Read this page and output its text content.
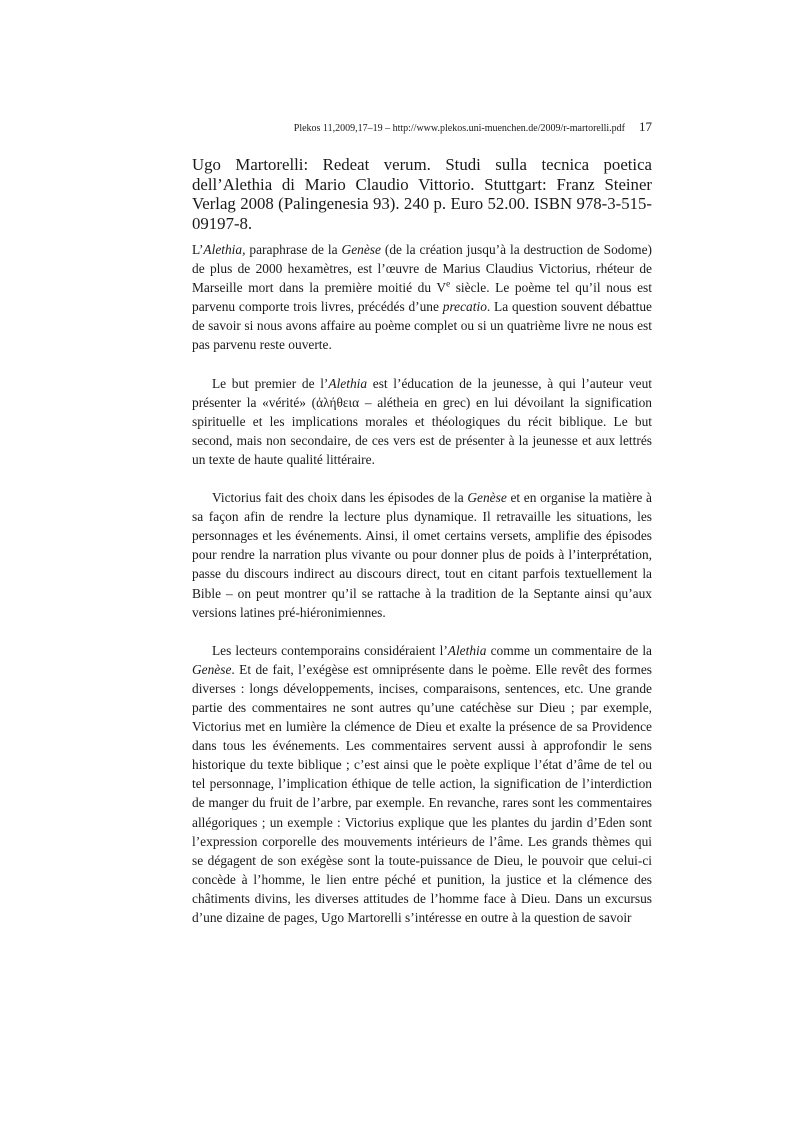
Plekos 11,2009,17–19 – http://www.plekos.uni-muenchen.de/2009/r-martorelli.pdf 17
Ugo Martorelli: Redeat verum. Studi sulla tecnica poetica dell’Alethia di Mario Claudio Vittorio. Stuttgart: Franz Steiner Verlag 2008 (Palingenesia 93). 240 p. Euro 52.00. ISBN 978-3-515-09197-8.

L’Alethia, paraphrase de la Genèse (de la création jusqu’à la destruction de Sodome) de plus de 2000 hexamètres, est l’œuvre de Marius Claudius Victorius, rhéteur de Marseille mort dans la première moitié du Ve siècle. Le poème tel qu’il nous est parvenu comporte trois livres, précédés d’une precatio. La question souvent débattue de savoir si nous avons affaire au poème complet ou si un quatrième livre ne nous est pas parvenu reste ouverte.

Le but premier de l’Alethia est l’éducation de la jeunesse, à qui l’auteur veut présenter la «vérité» (ἀλήθεια – alétheia en grec) en lui dévoilant la signification spirituelle et les implications morales et théologiques du récit biblique. Le but second, mais non secondaire, de ces vers est de présenter à la jeunesse et aux lettrés un texte de haute qualité littéraire.

Victorius fait des choix dans les épisodes de la Genèse et en organise la matière à sa façon afin de rendre la lecture plus dynamique. Il retravaille les situations, les personnages et les événements. Ainsi, il omet certains versets, amplifie des épisodes pour rendre la narration plus vivante ou pour donner plus de poids à l’interprétation, passe du discours indirect au discours direct, tout en citant parfois textuellement la Bible – on peut montrer qu’il se rattache à la tradition de la Septante ainsi qu’aux versions latines pré-hiéronimiennes.

Les lecteurs contemporains considéraient l’Alethia comme un commentaire de la Genèse. Et de fait, l’exégèse est omniprésente dans le poème. Elle revêt des formes diverses : longs développements, incises, comparaisons, sentences, etc. Une grande partie des commentaires ne sont autres qu’une catéchèse sur Dieu ; par exemple, Victorius met en lumière la clémence de Dieu et exalte la présence de sa Providence dans tous les événements. Les commentaires servent aussi à approfondir le sens historique du texte biblique ; c’est ainsi que le poète explique l’état d’âme de tel ou tel personnage, l’implication éthique de telle action, la signification de l’interdiction de manger du fruit de l’arbre, par exemple. En revanche, rares sont les commentaires allégoriques ; un exemple : Victorius explique que les plantes du jardin d’Eden sont l’expression corporelle des mouvements intérieurs de l’âme. Les grands thèmes qui se dégagent de son exégèse sont la toute-puissance de Dieu, le pouvoir que celui-ci concède à l’homme, le lien entre péché et punition, la justice et la clémence des châtiments divins, les diverses attitudes de l’homme face à Dieu. Dans un excursus d’une dizaine de pages, Ugo Martorelli s’intéresse en outre à la question de savoir
